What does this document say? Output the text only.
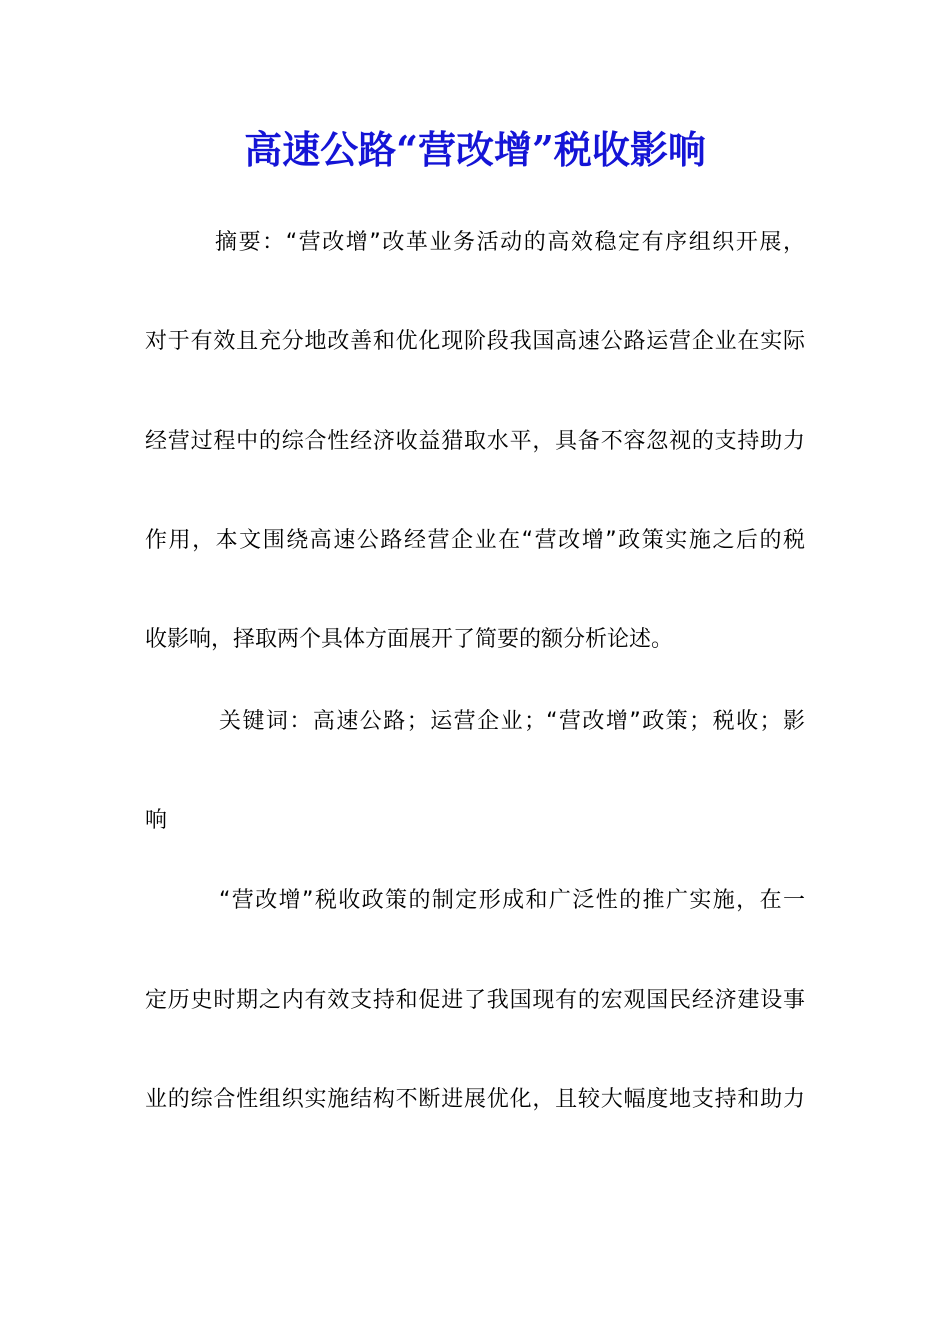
高速公路“营改增”税收影响
摘要：“营改增”改革业务活动的高效稳定有序组织开展，
对于有效且充分地改善和优化现阶段我国高速公路运营企业在实际
经营过程中的综合性经济收益猎取水平，具备不容忽视的支持助力
作用，本文围绕高速公路经营企业在“营改增”政策实施之后的税
收影响，择取两个具体方面展开了简要的额分析论述。
关键词：高速公路；运营企业；“营改增”政策；税收；影
响
“营改增”税收政策的制定形成和广泛性的推广实施，在一
定历史时期之内有效支持和促进了我国现有的宏观国民经济建设事
业的综合性组织实施结构不断进展优化，且较大幅度地支持和助力
